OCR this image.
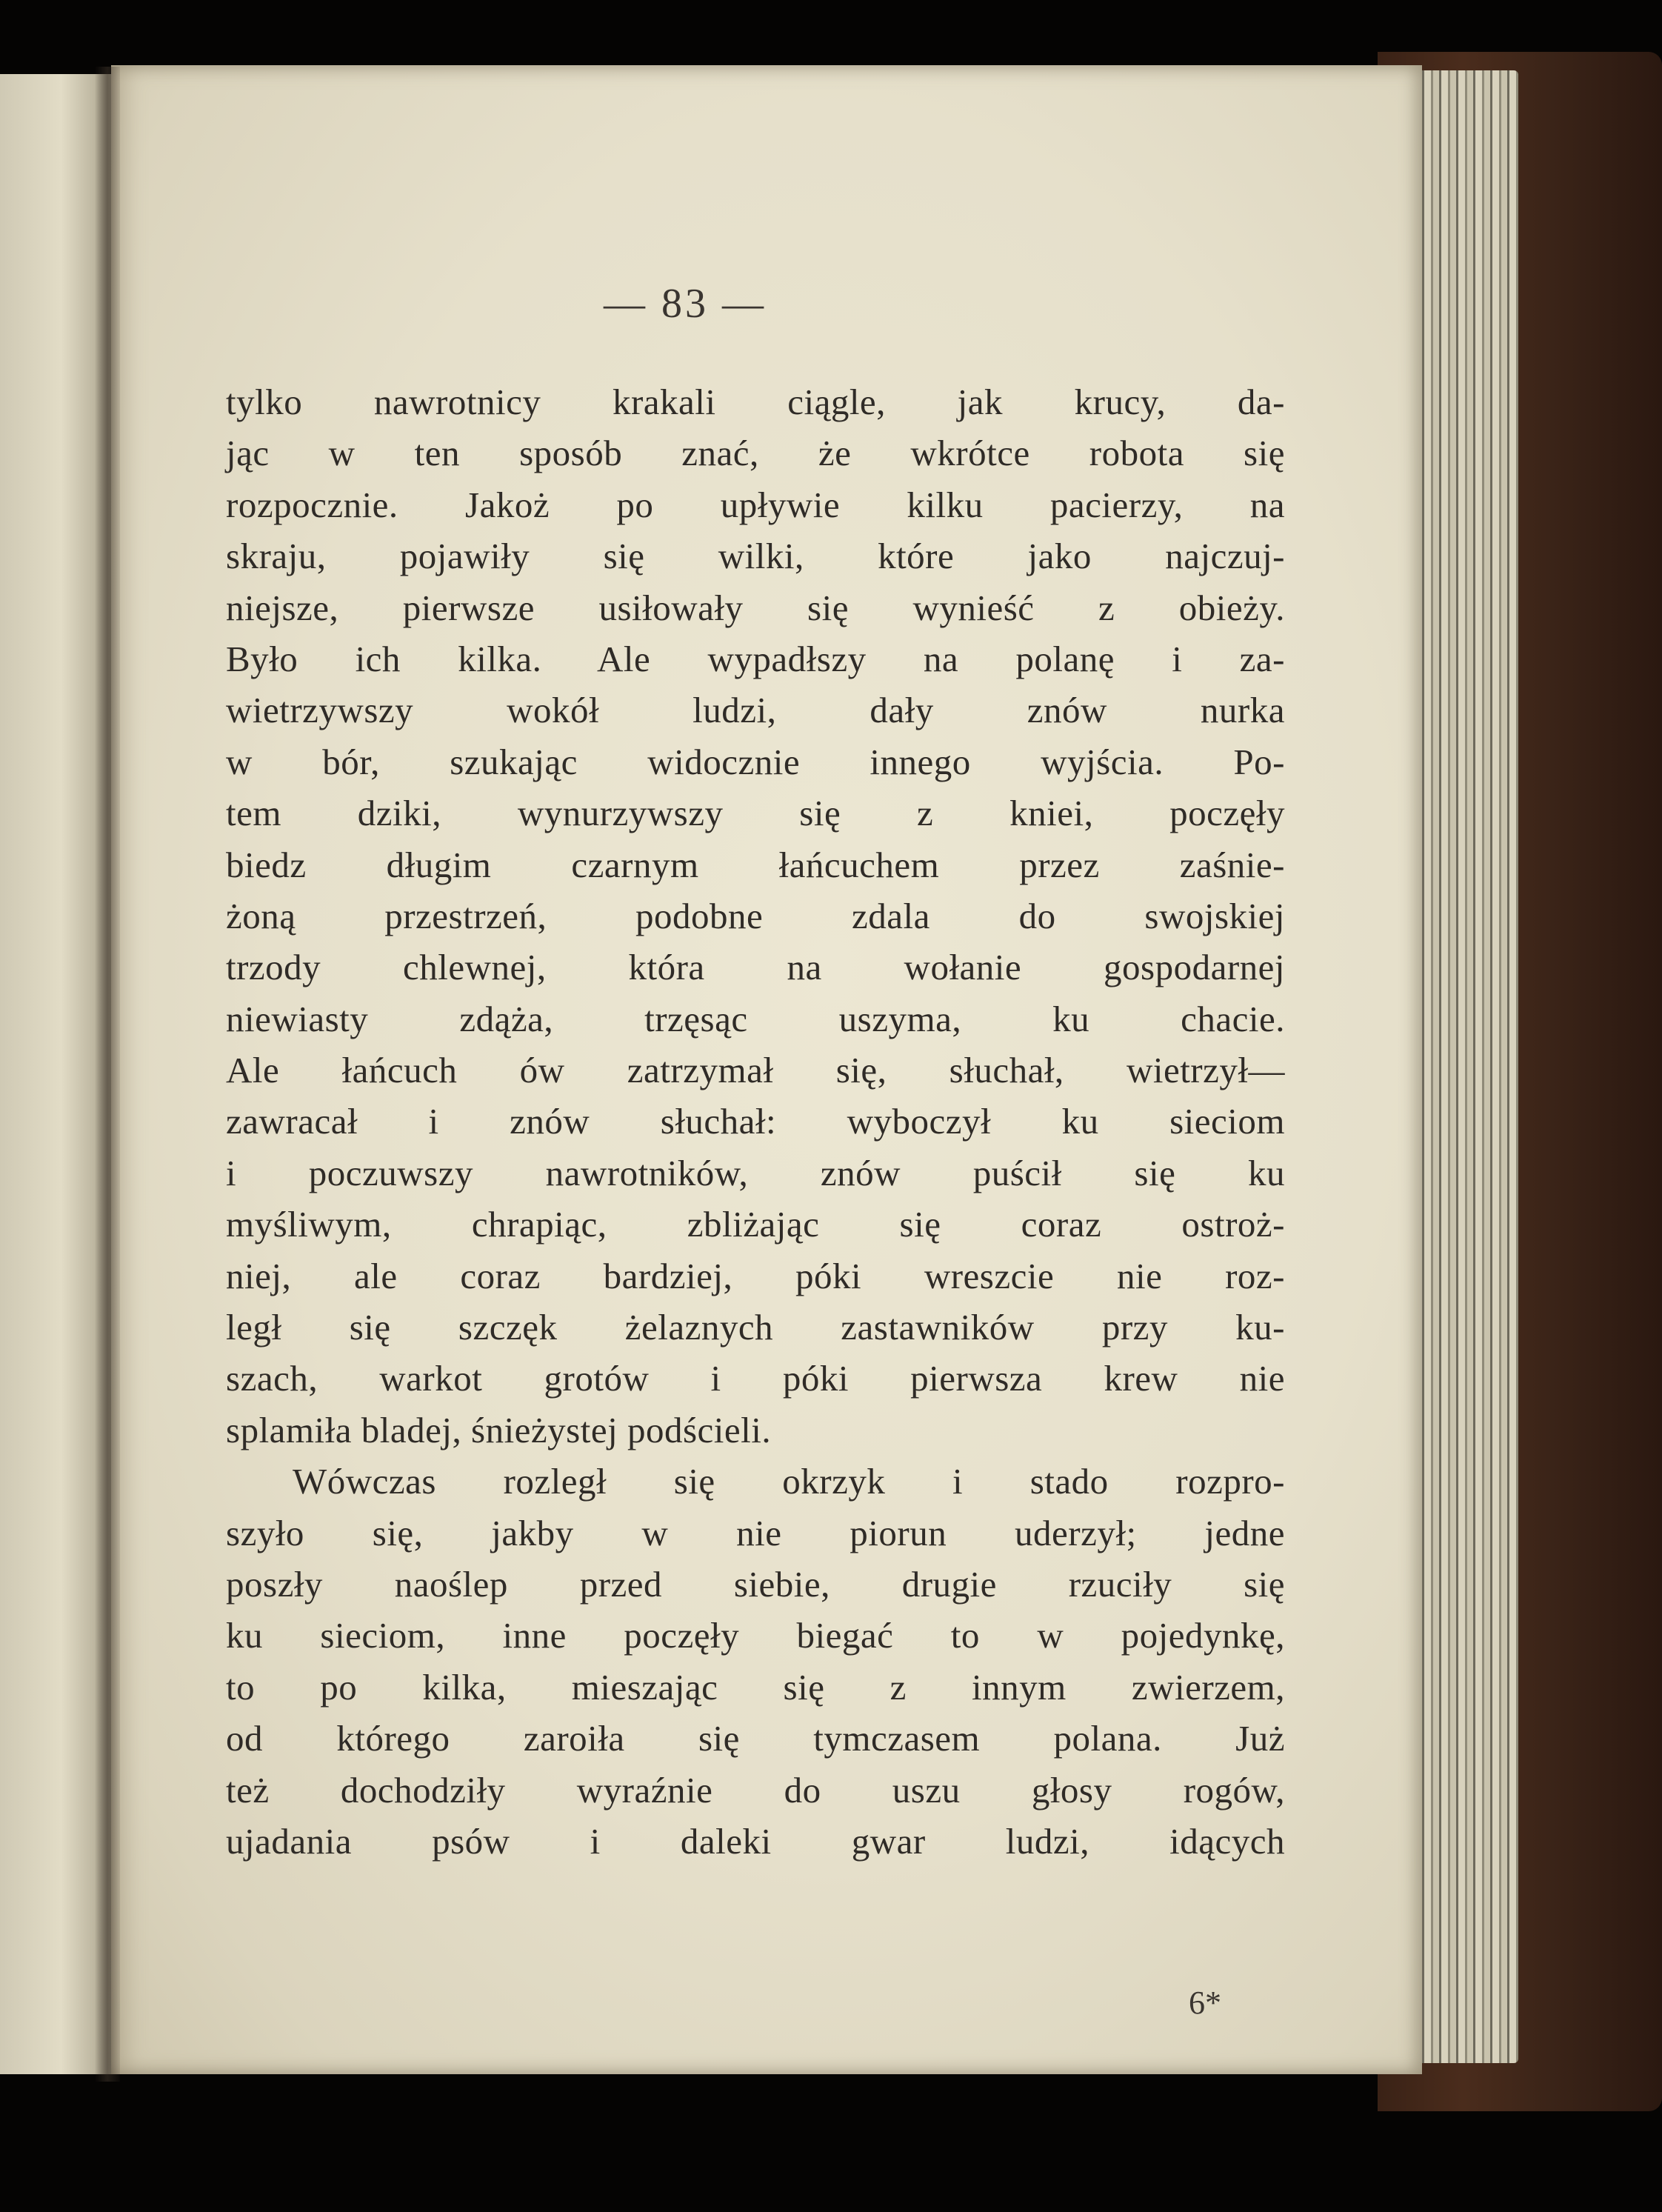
— 83 —
tylko nawrotnicy krakali ciągle, jak krucy, da-
jąc w ten sposób znać, że wkrótce robota się
rozpocznie. Jakoż po upływie kilku pacierzy, na
skraju, pojawiły się wilki, które jako najczuj-
niejsze, pierwsze usiłowały się wynieść z obieży.
Było ich kilka. Ale wypadłszy na polanę i za-
wietrzywszy wokół ludzi, dały znów nurka
w bór, szukając widocznie innego wyjścia. Po-
tem dziki, wynurzywszy się z kniei, poczęły
biedz długim czarnym łańcuchem przez zaśnie-
żoną przestrzeń, podobne zdala do swojskiej
trzody chlewnej, która na wołanie gospodarnej
niewiasty zdąża, trzęsąc uszyma, ku chacie.
Ale łańcuch ów zatrzymał się, słuchał, wietrzył—
zawracał i znów słuchał: wyboczył ku sieciom
i poczuwszy nawrotników, znów puścił się ku
myśliwym, chrapiąc, zbliżając się coraz ostroż-
niej, ale coraz bardziej, póki wreszcie nie roz-
legł się szczęk żelaznych zastawników przy ku-
szach, warkot grotów i póki pierwsza krew nie
splamiła bladej, śnieżystej podścieli.
Wówczas rozległ się okrzyk i stado rozpro-
szyło się, jakby w nie piorun uderzył; jedne
poszły naoślep przed siebie, drugie rzuciły się
ku sieciom, inne poczęły biegać to w pojedynkę,
to po kilka, mieszając się z innym zwierzem,
od którego zaroiła się tymczasem polana. Już
też dochodziły wyraźnie do uszu głosy rogów,
ujadania psów i daleki gwar ludzi, idących
6*
